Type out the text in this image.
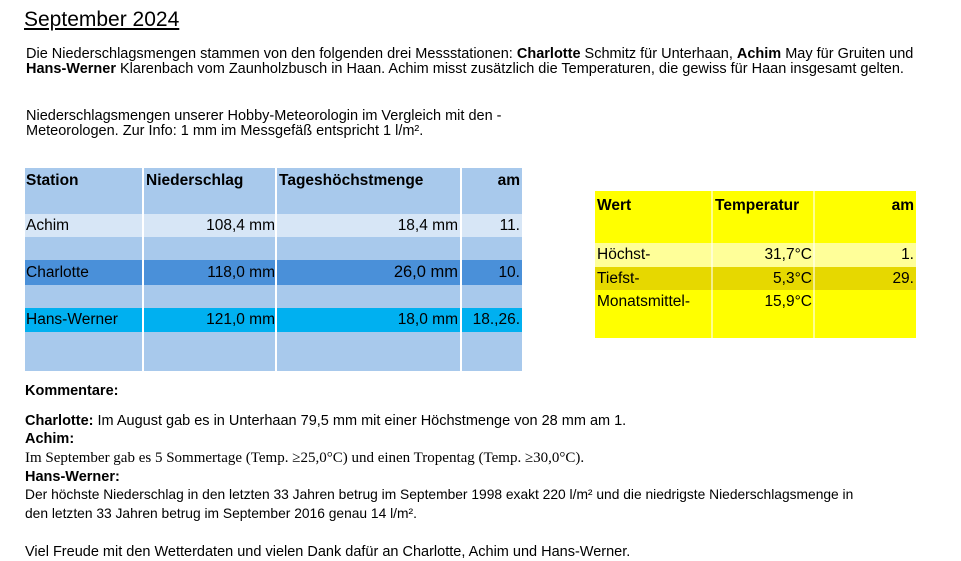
September 2024
Die Niederschlagsmengen stammen von den folgenden drei Messstationen: Charlotte Schmitz für Unterhaan, Achim May für Gruiten und Hans-Werner Klarenbach vom Zaunholzbusch in Haan. Achim misst zusätzlich die Temperaturen, die gewiss für Haan insgesamt gelten.
Niederschlagsmengen unserer Hobby-Meteorologin im Vergleich mit den -Meteorologen. Zur Info: 1 mm im Messgefäß entspricht 1 l/m².
Station	Niederschlag	Tageshöchstmenge	am
Achim	108,4 mm	18,4 mm	11.
Charlotte	118,0 mm	26,0 mm	10.
Hans-Werner	121,0 mm	18,0 mm 18.,26.
Wert	Temperatur	am
Höchst-	31,7°C	1.
Tiefst-	5,3°C	29.
Monatsmittel-	15,9°C
Kommentare:
Charlotte: Im August gab es in Unterhaan 79,5 mm mit einer Höchstmenge von 28 mm am 1.
Achim:
Im September gab es 5 Sommertage (Temp. ≥25,0°C) und einen Tropentag (Temp. ≥30,0°C).
Hans-Werner:
Der höchste Niederschlag in den letzten 33 Jahren betrug im September 1998 exakt 220 l/m² und die niedrigste Niederschlagsmenge in
den letzten 33 Jahren betrug im September 2016 genau 14 l/m².
Viel Freude mit den Wetterdaten und vielen Dank dafür an Charlotte, Achim und Hans-Werner.
